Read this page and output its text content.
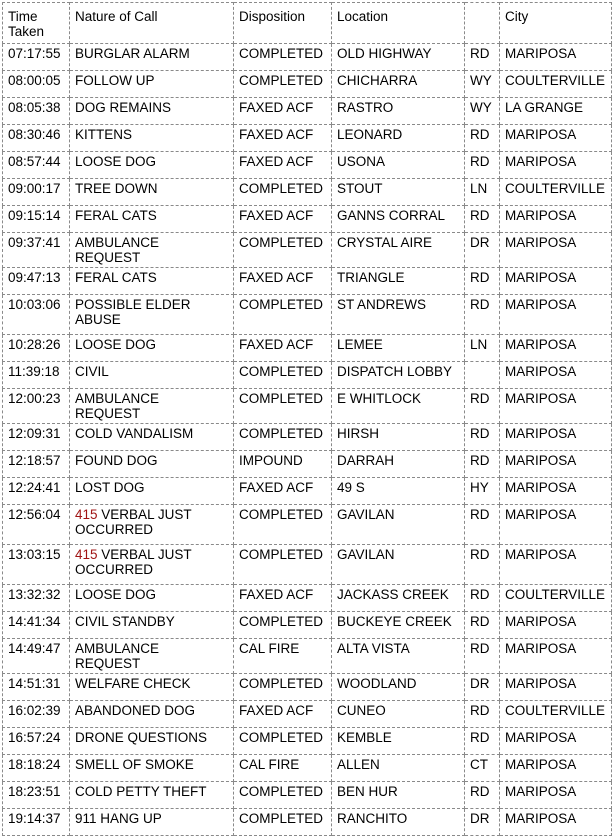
Time Taken	Nature of Call	Disposition	Location		City
07:17:55	BURGLAR ALARM	COMPLETED	OLD HIGHWAY	RD	MARIPOSA
08:00:05	FOLLOW UP	COMPLETED	CHICHARRA	WY	COULTERVILLE
08:05:38	DOG REMAINS	FAXED ACF	RASTRO	WY	LA GRANGE
08:30:46	KITTENS	FAXED ACF	LEONARD	RD	MARIPOSA
08:57:44	LOOSE DOG	FAXED ACF	USONA	RD	MARIPOSA
09:00:17	TREE DOWN	COMPLETED	STOUT	LN	COULTERVILLE
09:15:14	FERAL CATS	FAXED ACF	GANNS CORRAL	RD	MARIPOSA
09:37:41	AMBULANCE REQUEST	COMPLETED	CRYSTAL AIRE	DR	MARIPOSA
09:47:13	FERAL CATS	FAXED ACF	TRIANGLE	RD	MARIPOSA
10:03:06	POSSIBLE ELDER ABUSE	COMPLETED	ST ANDREWS	RD	MARIPOSA
10:28:26	LOOSE DOG	FAXED ACF	LEMEE	LN	MARIPOSA
11:39:18	CIVIL	COMPLETED	DISPATCH LOBBY		MARIPOSA
12:00:23	AMBULANCE REQUEST	COMPLETED	E WHITLOCK	RD	MARIPOSA
12:09:31	COLD VANDALISM	COMPLETED	HIRSH	RD	MARIPOSA
12:18:57	FOUND DOG	IMPOUND	DARRAH	RD	MARIPOSA
12:24:41	LOST DOG	FAXED ACF	49 S	HY	MARIPOSA
12:56:04	415 VERBAL JUST OCCURRED	COMPLETED	GAVILAN	RD	MARIPOSA
13:03:15	415 VERBAL JUST OCCURRED	COMPLETED	GAVILAN	RD	MARIPOSA
13:32:32	LOOSE DOG	FAXED ACF	JACKASS CREEK	RD	COULTERVILLE
14:41:34	CIVIL STANDBY	COMPLETED	BUCKEYE CREEK	RD	MARIPOSA
14:49:47	AMBULANCE REQUEST	CAL FIRE	ALTA VISTA	RD	MARIPOSA
14:51:31	WELFARE CHECK	COMPLETED	WOODLAND	DR	MARIPOSA
16:02:39	ABANDONED DOG	FAXED ACF	CUNEO	RD	COULTERVILLE
16:57:24	DRONE QUESTIONS	COMPLETED	KEMBLE	RD	MARIPOSA
18:18:24	SMELL OF SMOKE	CAL FIRE	ALLEN	CT	MARIPOSA
18:23:51	COLD PETTY THEFT	COMPLETED	BEN HUR	RD	MARIPOSA
19:14:37	911 HANG UP	COMPLETED	RANCHITO	DR	MARIPOSA
